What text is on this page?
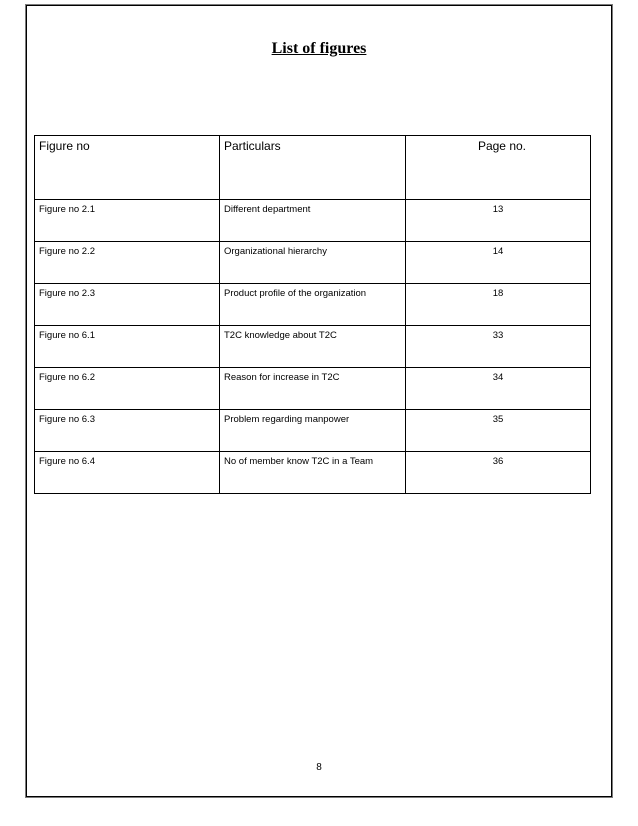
List of figures
Figure no	Particulars	Page no.
Figure no 2.1	Different department	13
Figure no 2.2	Organizational hierarchy	14
Figure no 2.3	Product profile of the organization	18
Figure no 6.1	T2C knowledge about T2C	33
Figure no 6.2	Reason for increase in T2C	34
Figure no 6.3	Problem regarding manpower	35
Figure no 6.4	No of member know T2C in a Team	36
8
